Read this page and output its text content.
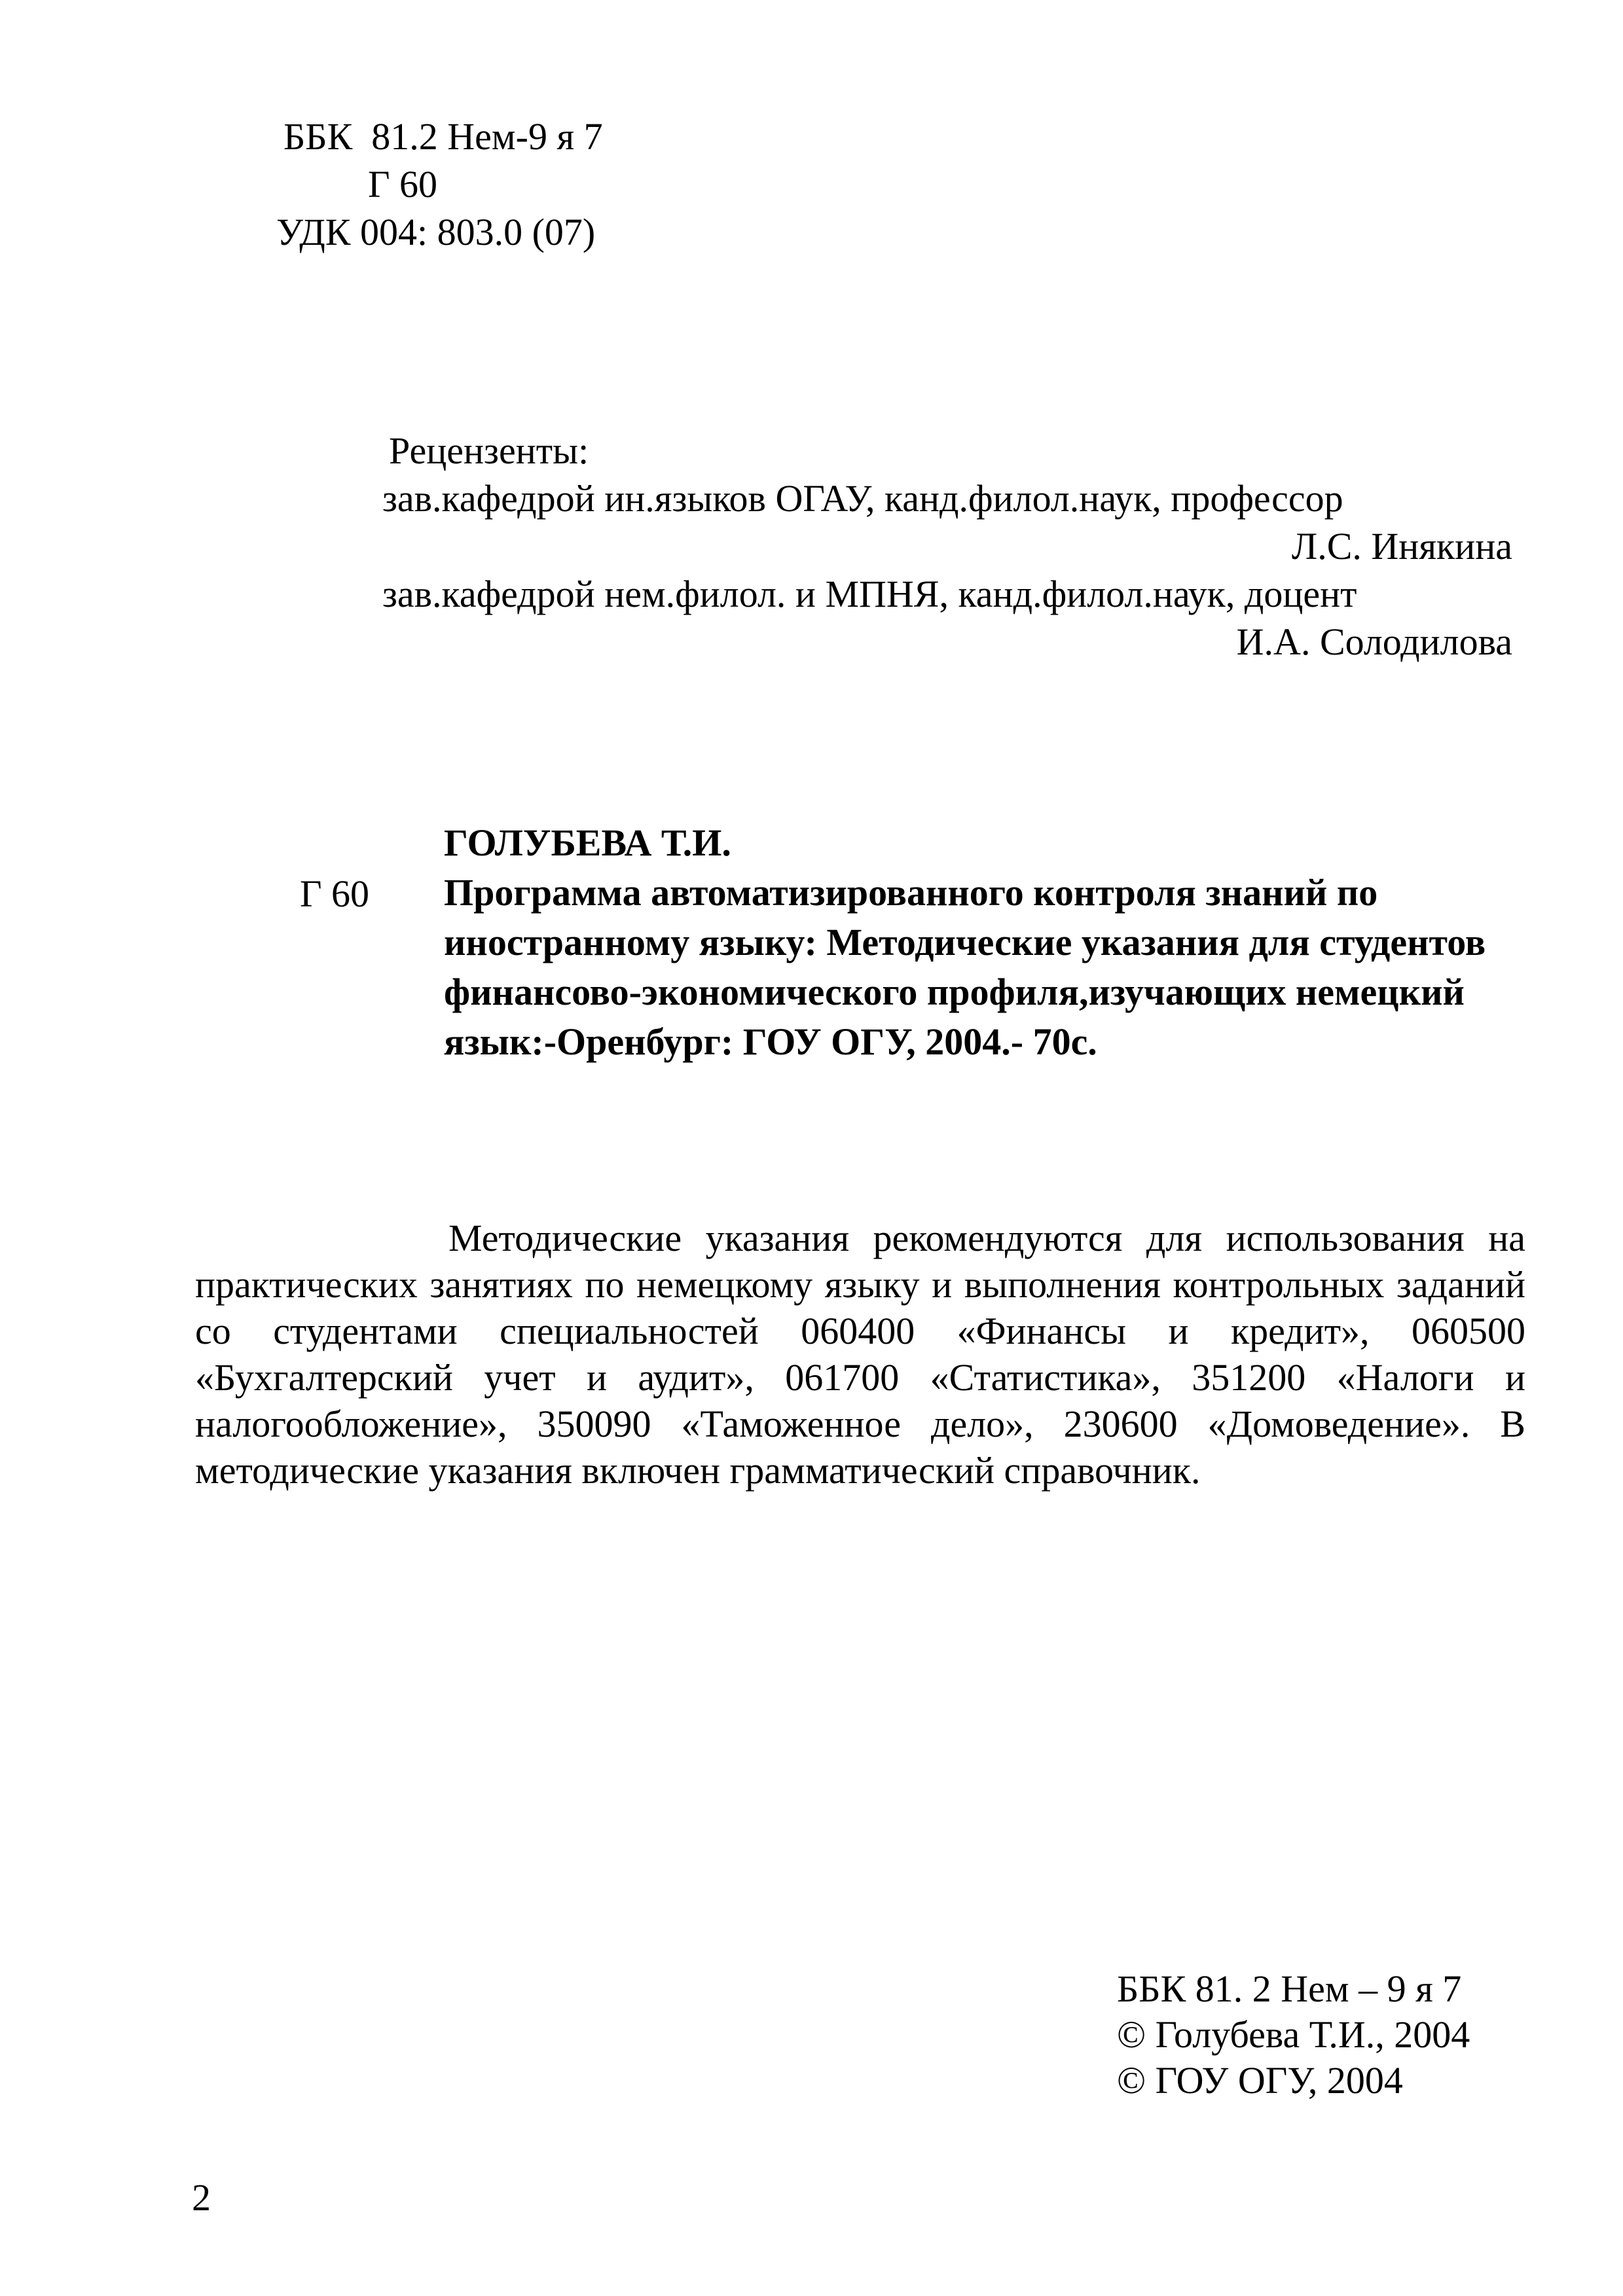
ББК  81.2 Нем-9 я 7
Г 60
УДК 004: 803.0 (07)
Рецензенты:
зав.кафедрой ин.языков ОГАУ, канд.филол.наук, профессор
Л.С. Инякина
зав.кафедрой нем.филол. и МПНЯ, канд.филол.наук, доцент
И.А. Солодилова
Г 60
ГОЛУБЕВА Т.И.
Программа автоматизированного контроля знаний по
иностранному языку: Методические указания для студентов
финансово-экономического профиля,изучающих немецкий
язык:-Оренбург: ГОУ ОГУ, 2004.- 70с.
Методические указания рекомендуются для использования на практических занятиях по немецкому языку и выполнения контрольных заданий со студентами специальностей 060400 «Финансы и кредит», 060500 «Бухгалтерский учет и аудит», 061700 «Статистика», 351200 «Налоги и налогообложение», 350090 «Таможенное дело», 230600 «Домоведение». В методические указания включен грамматический справочник.
ББК 81. 2 Нем – 9 я 7
© Голубева Т.И., 2004
© ГОУ ОГУ, 2004
2
